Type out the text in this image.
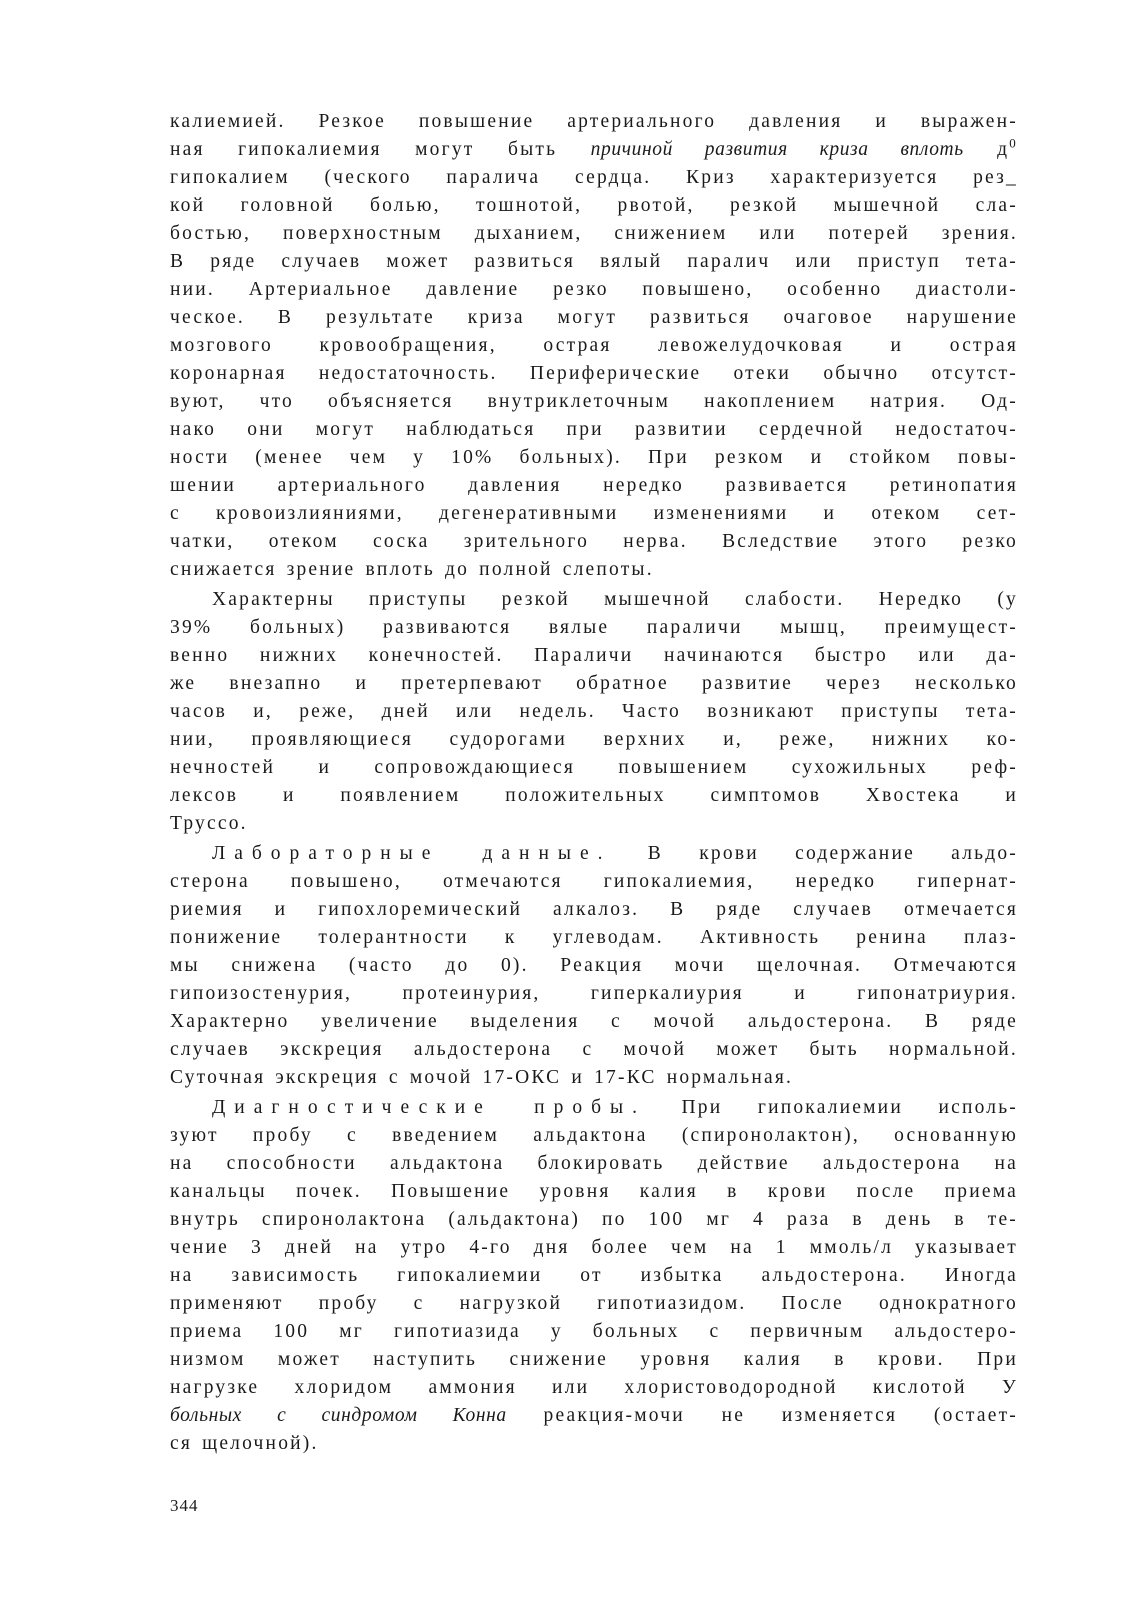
калиемией. Резкое повышение артериального давления и выражен-
ная гипокалиемия могут быть причиной развития криза вплоть $д^0$
гипокалием (ческого паралича сердца. Криз характеризуется рез_
кой головной болью, тошнотой, рвотой, резкой мышечной сла-
бостью, поверхностным дыханием, снижением или потерей зрения.
В ряде случаев может развиться вялый паралич или приступ тета-
нии. Артериальное давление резко повышено, особенно диастоли-
ческое. В результате криза могут развиться очаговое нарушение
мозгового кровообращения, острая левожелудочковая и острая
коронарная недостаточность. Периферические отеки обычно отсутст-
вуют, что объясняется внутриклеточным накоплением натрия. Од-
нако они могут наблюдаться при развитии сердечной недостаточ-
ности (менее чем у 10% больных). При резком и стойком повы-
шении артериального давления нередко развивается ретинопатия
с кровоизлияниями, дегенеративными изменениями и отеком сет-
чатки, отеком соска зрительного нерва. Вследствие этого резко
снижается зрение вплоть до полной слепоты.
Характерны приступы резкой мышечной слабости. Нередко (у
39% больных) развиваются вялые параличи мышц, преимущест-
венно нижних конечностей. Параличи начинаются быстро или да-
же внезапно и претерпевают обратное развитие через несколько
часов и, реже, дней или недель. Часто возникают приступы тета-
нии, проявляющиеся судорогами верхних и, реже, нижних ко-
нечностей и сопровождающиеся повышением сухожильных реф-
лексов и появлением положительных симптомов Хвостека и
Труссо.
Лабораторные данные. В крови содержание альдо-
стерона повышено, отмечаются гипокалиемия, нередко гипернат-
риемия и гипохлоремический алкалоз. В ряде случаев отмечается
понижение толерантности к углеводам. Активность ренина плаз-
мы снижена (часто до 0). Реакция мочи щелочная. Отмечаются
гипоизостенурия, протеинурия, гиперкалиурия и гипонатриурия.
Характерно увеличение выделения с мочой альдостерона. В ряде
случаев экскреция альдостерона с мочой может быть нормальной.
Суточная экскреция с мочой 17-ОКС и 17-КС нормальная.
Диагностические пробы. При гипокалиемии исполь-
зуют пробу с введением альдактона (спиронолактон), основанную
на способности альдактона блокировать действие альдостерона на
канальцы почек. Повышение уровня калия в крови после приема
внутрь спиронолактона (альдактона) по 100 мг 4 раза в день в те-
чение 3 дней на утро 4-го дня более чем на 1 ммоль/л указывает
на зависимость гипокалиемии от избытка альдостерона. Иногда
применяют пробу с нагрузкой гипотиазидом. После однократного
приема 100 мг гипотиазида у больных с первичным альдостеро-
низмом может наступить снижение уровня калия в крови. При
нагрузке хлоридом аммония или хлористоводородной кислотой У
больных с синдромом Конна реакция-мочи не изменяется (остает-
ся щелочной).
344
